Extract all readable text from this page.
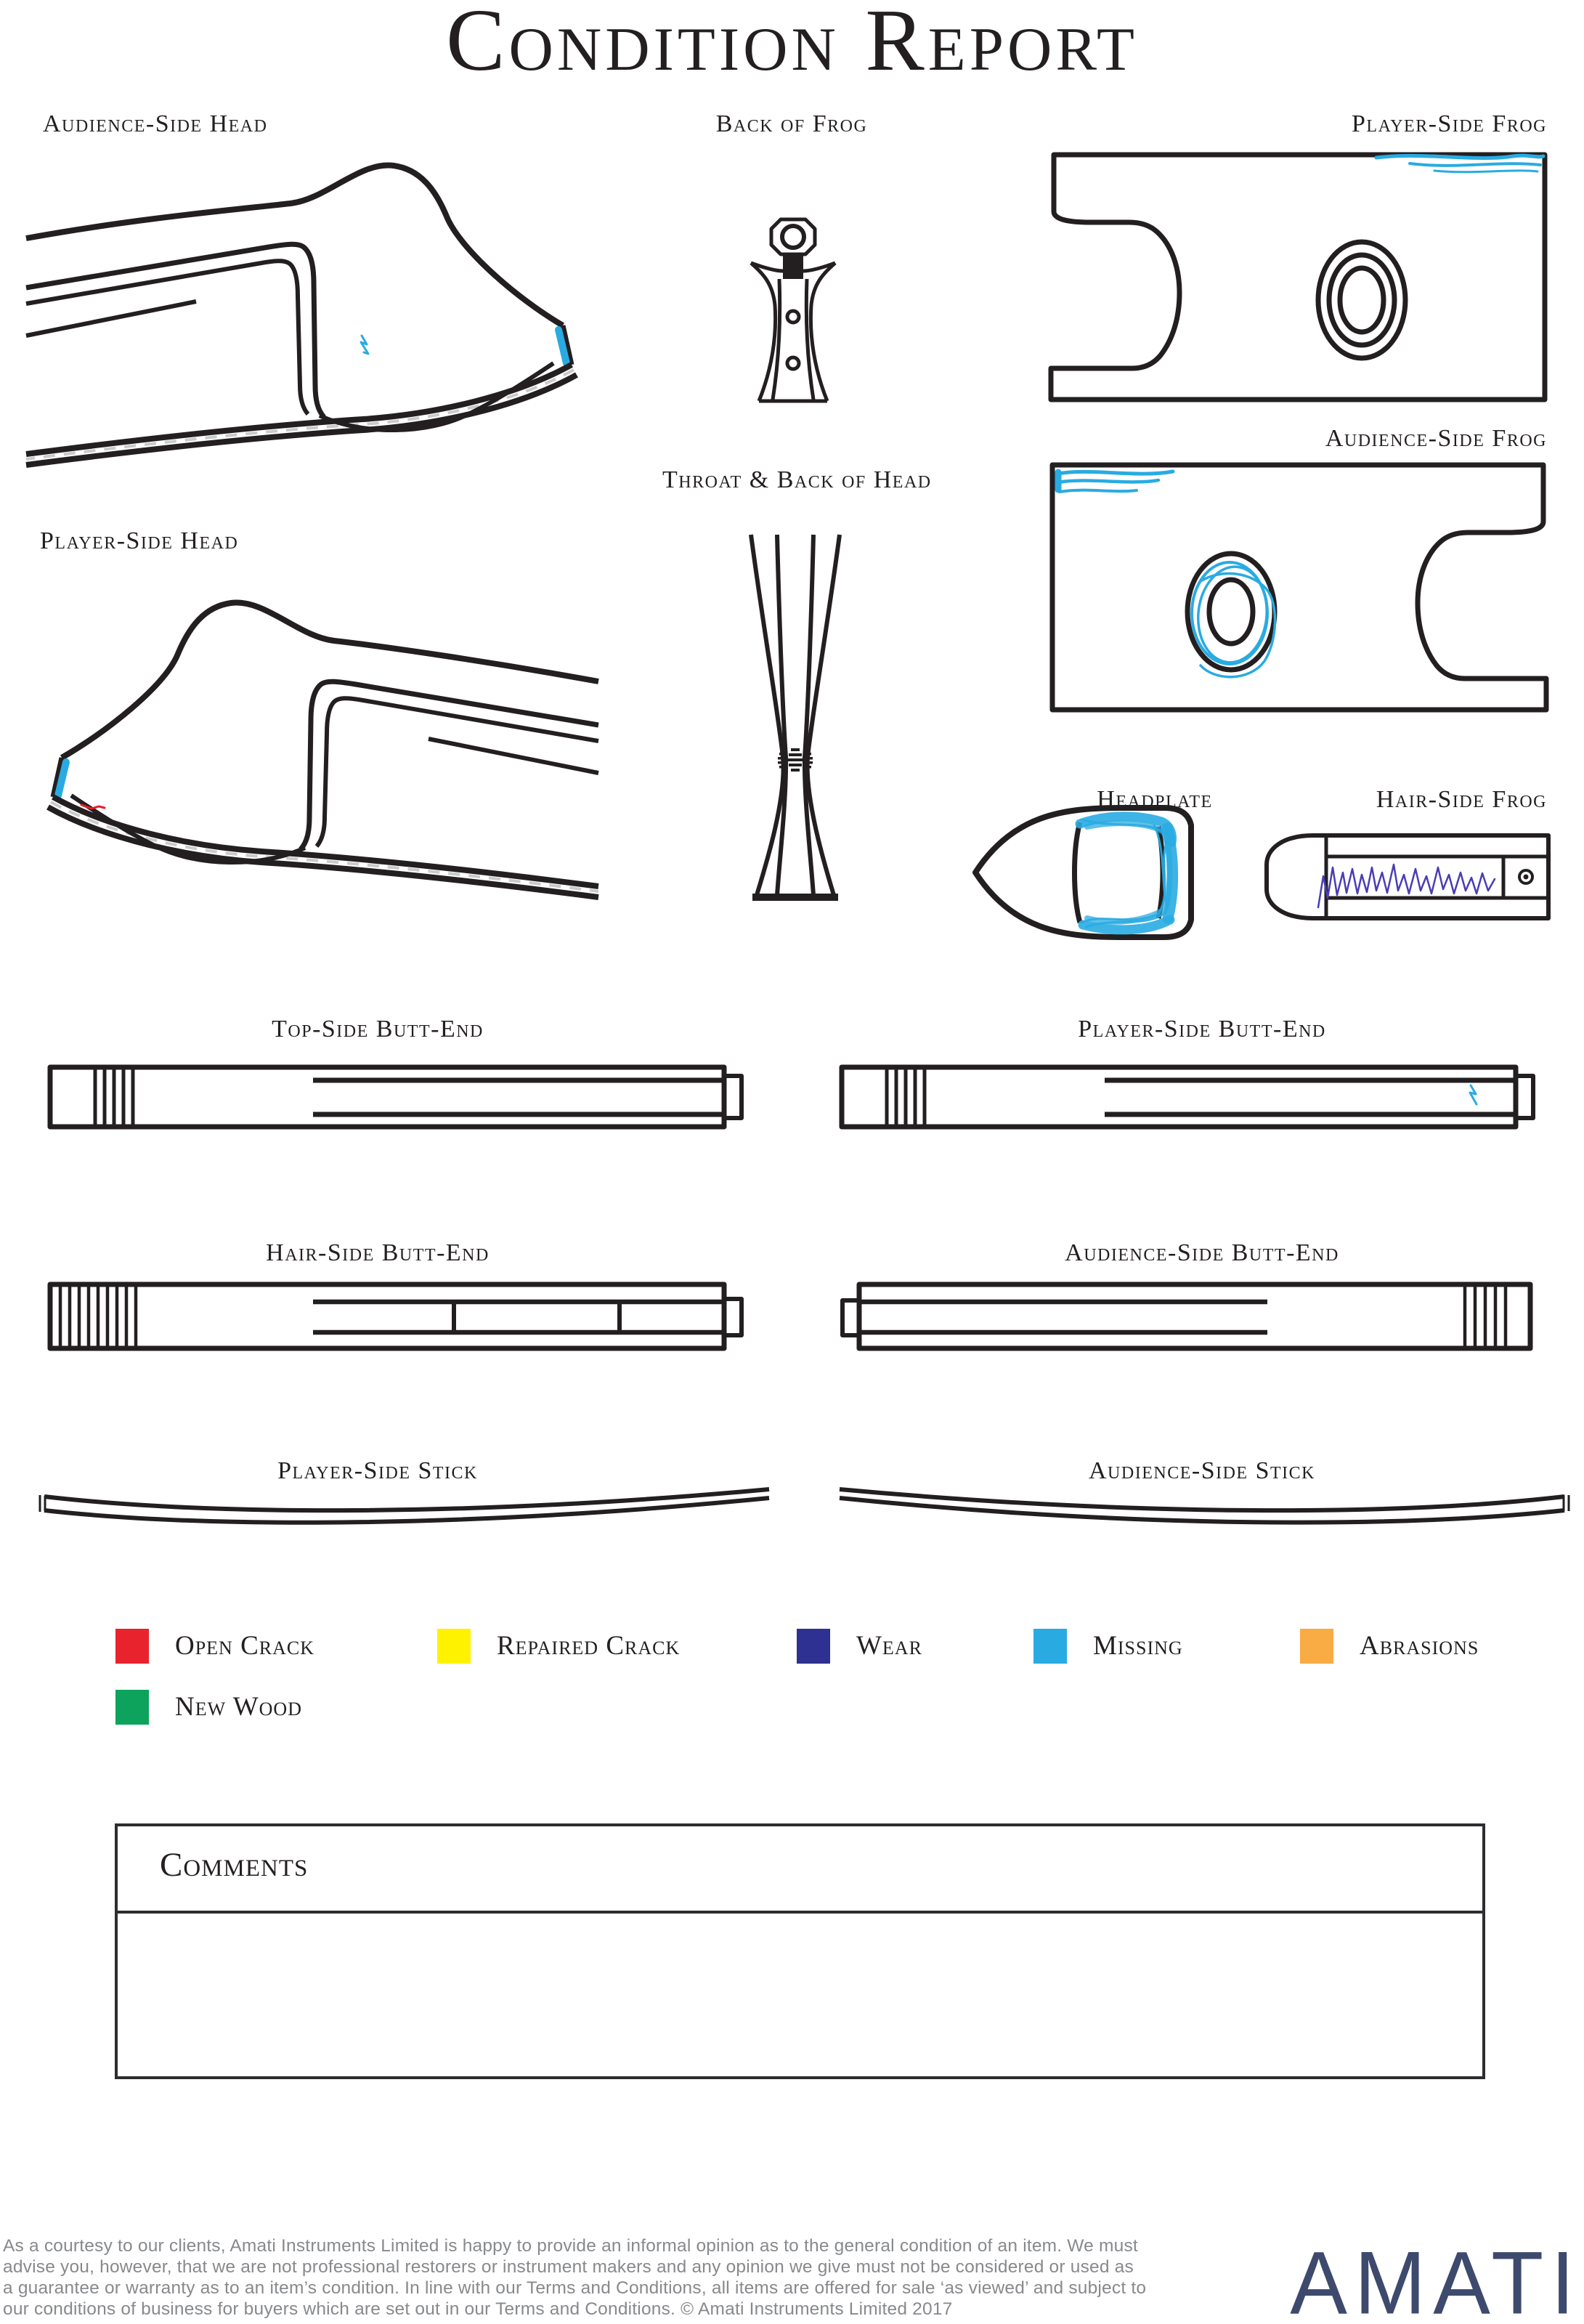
Condition Report
Audience-Side Head	Back of Frog	Player-Side Frog
Audience-Side Frog
Throat & Back of Head
Player-Side Head
Headplate	Hair-Side Frog
Top-Side Butt-End	Player-Side Butt-End
Hair-Side Butt-End	Audience-Side Butt-End
Player-Side Stick	Audience-Side Stick
Open Crack	Repaired Crack	Wear	Missing	Abrasions
New Wood
Comments
As a courtesy to our clients, Amati Instruments Limited is happy to provide an informal opinion as to the general condition of an item. We must
advise you, however, that we are not professional restorers or instrument makers and any opinion we give must not be considered or used as
a guarantee or warranty as to an item’s condition. In line with our Terms and Conditions, all items are offered for sale ‘as viewed’ and subject to
our conditions of business for buyers which are set out in our Terms and Conditions. © Amati Instruments Limited 2017	AMATI
